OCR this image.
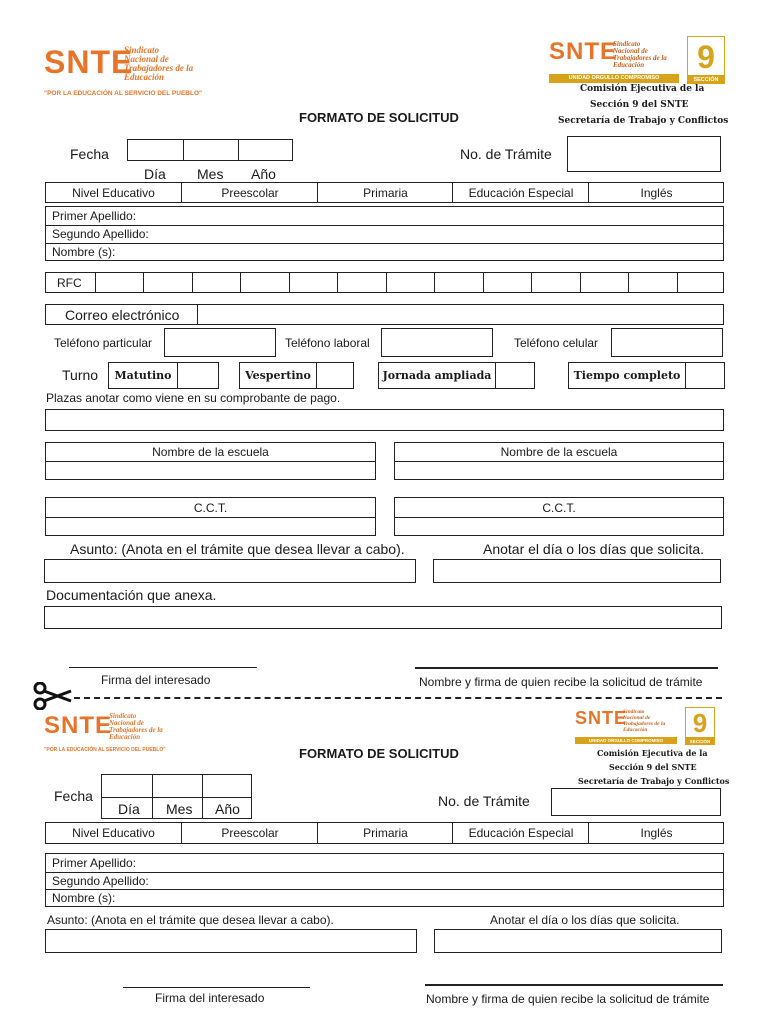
SNTE
Sindicato
Nacional de
Trabajadores de la
Educación
"POR LA EDUCACIÓN AL SERVICIO DEL PUEBLO"
SNTE
Sindicato
Nacional de
Trabajadores de la
Educación
UNIDAD ORGULLO COMPROMISO
9
SECCIÓN
Comisión Ejecutiva de la
Sección 9 del SNTE
Secretaría de Trabajo y Conflictos
FORMATO DE SOLICITUD
Fecha
Día Mes Año
No. de Trámite
Nivel Educativo	Preescolar	Primaria	Educación Especial	Inglés
Primer Apellido:
Segundo Apellido:
Nombre (s):
RFC
Correo electrónico
Teléfono particular	Teléfono laboral	Teléfono celular
Turno	Matutino	Vespertino	Jornada ampliada	Tiempo completo
Plazas anotar como viene en su comprobante de pago.
Nombre de la escuela	Nombre de la escuela
C.C.T.	C.C.T.
Asunto: (Anota en el trámite que desea llevar a cabo).	Anotar el día o los días que solicita.
Documentación que anexa.
Firma del interesado	Nombre y firma de quien recibe la solicitud de trámite
SNTE
Sindicato
Nacional de
Trabajadores de la
Educación
"POR LA EDUCACIÓN AL SERVICIO DEL PUEBLO"
SNTE
Sindicato
Nacional de
Trabajadores de la
Educación
UNIDAD ORGULLO COMPROMISO
9
SECCIÓN
Comisión Ejecutiva de la
Sección 9 del SNTE
Secretaría de Trabajo y Conflictos
FORMATO DE SOLICITUD
Fecha
Día Mes Año	No. de Trámite
Nivel Educativo	Preescolar	Primaria	Educación Especial	Inglés
Primer Apellido:
Segundo Apellido:
Nombre (s):
Asunto: (Anota en el trámite que desea llevar a cabo).	Anotar el día o los días que solicita.
Firma del interesado	Nombre y firma de quien recibe la solicitud de trámite
